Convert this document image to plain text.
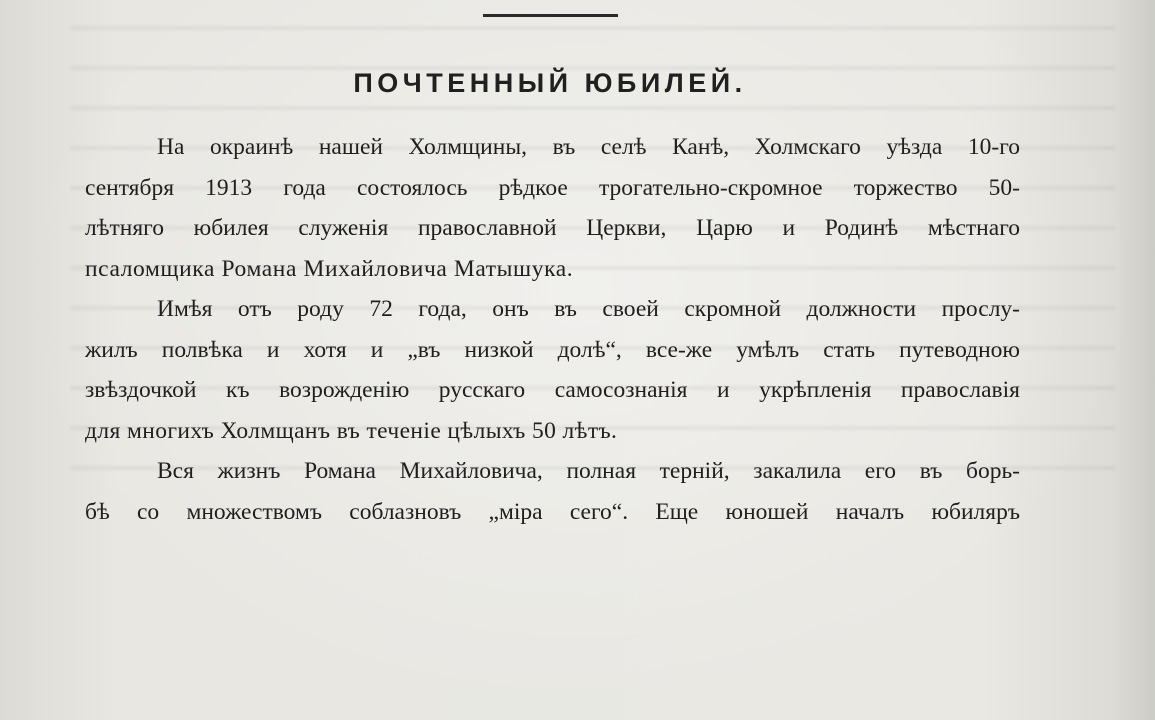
ПОЧТЕННЫЙ ЮБИЛЕЙ.
На окраинѣ нашей Холмщины, въ селѣ Канѣ, Холмскаго уѣзда 10-го
сентября 1913 года состоялось рѣдкое трогательно-скромное торжество 50-
лѣтняго юбилея служенія православной Церкви, Царю и Родинѣ мѣстнаго
псаломщика Романа Михайловича Матышука.
Имѣя отъ роду 72 года, онъ въ своей скромной должности прослу-
жилъ полвѣка и хотя и „въ низкой долѣ“, все-же умѣлъ стать путеводною
звѣздочкой къ возрожденію русскаго самосознанія и укрѣпленія православія
для многихъ Холмщанъ въ теченіе цѣлыхъ 50 лѣтъ.
Вся жизнъ Романа Михайловича, полная терній, закалила его въ борь-
бѣ со множествомъ соблазновъ „міра сего“. Еще юношей началъ юбиляръ
